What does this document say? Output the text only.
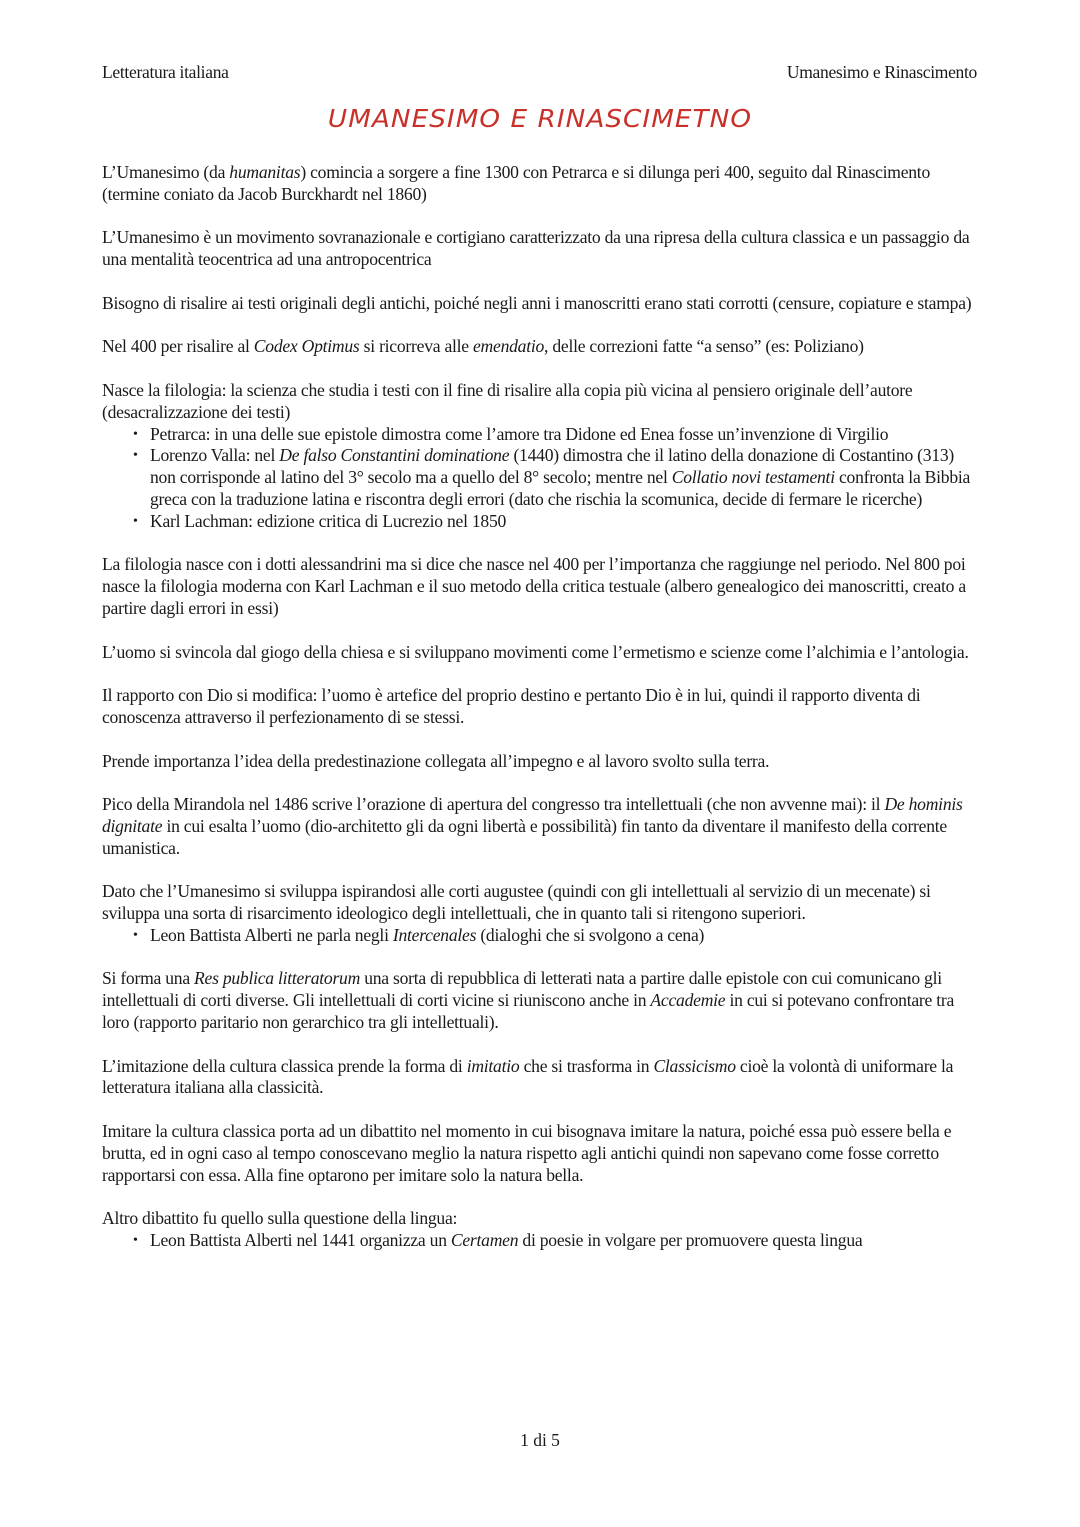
Letteratura italiana	Umanesimo e Rinascimento
UMANESIMO E RINASCIMETNO

L’Umanesimo (da humanitas) comincia a sorgere a fine 1300 con Petrarca e si dilunga peri 400, seguito dal Rinascimento (termine coniato da Jacob Burckhardt nel 1860)

L’Umanesimo è un movimento sovranazionale e cortigiano caratterizzato da una ripresa della cultura classica e un passaggio da una mentalità teocentrica ad una antropocentrica

Bisogno di risalire ai testi originali degli antichi, poiché negli anni i manoscritti erano stati corrotti (censure, copiature e stampa)

Nel 400 per risalire al Codex Optimus si ricorreva alle emendatio, delle correzioni fatte “a senso” (es: Poliziano)

Nasce la filologia: la scienza che studia i testi con il fine di risalire alla copia più vicina al pensiero originale dell’autore (desacralizzazione dei testi)

• Petrarca: in una delle sue epistole dimostra come l’amore tra Didone ed Enea fosse un’invenzione di Virgilio
• Lorenzo Valla: nel De falso Constantini dominatione (1440) dimostra che il latino della donazione di Costantino (313) non corrisponde al latino del 3° secolo ma a quello del 8° secolo; mentre nel Collatio novi testamenti confronta la Bibbia greca con la traduzione latina e riscontra degli errori (dato che rischia la scomunica, decide di fermare le ricerche)
• Karl Lachman: edizione critica di Lucrezio nel 1850

La filologia nasce con i dotti alessandrini ma si dice che nasce nel 400 per l’importanza che raggiunge nel periodo. Nel 800 poi nasce la filologia moderna con Karl Lachman e il suo metodo della critica testuale (albero genealogico dei manoscritti, creato a partire dagli errori in essi)

L’uomo si svincola dal giogo della chiesa e si sviluppano movimenti come l’ermetismo e scienze come l’alchimia e l’antologia.

Il rapporto con Dio si modifica: l’uomo è artefice del proprio destino e pertanto Dio è in lui, quindi il rapporto diventa di conoscenza attraverso il perfezionamento di se stessi.

Prende importanza l’idea della predestinazione collegata all’impegno e al lavoro svolto sulla terra.

Pico della Mirandola nel 1486 scrive l’orazione di apertura del congresso tra intellettuali (che non avvenne mai): il De hominis dignitate in cui esalta l’uomo (dio-architetto gli da ogni libertà e possibilità) fin tanto da diventare il manifesto della corrente umanistica.

Dato che l’Umanesimo si sviluppa ispirandosi alle corti augustee (quindi con gli intellettuali al servizio di un mecenate) si sviluppa una sorta di risarcimento ideologico degli intellettuali, che in quanto tali si ritengono superiori.

• Leon Battista Alberti ne parla negli Intercenales (dialoghi che si svolgono a cena)

Si forma una Res publica litteratorum una sorta di repubblica di letterati nata a partire dalle epistole con cui comunicano gli intellettuali di corti diverse. Gli intellettuali di corti vicine si riuniscono anche in Accademie in cui si potevano confrontare tra loro (rapporto paritario non gerarchico tra gli intellettuali).

L’imitazione della cultura classica prende la forma di imitatio che si trasforma in Classicismo cioè la volontà di uniformare la letteratura italiana alla classicità.

Imitare la cultura classica porta ad un dibattito nel momento in cui bisognava imitare la natura, poiché essa può essere bella e brutta, ed in ogni caso al tempo conoscevano meglio la natura rispetto agli antichi quindi non sapevano come fosse corretto rapportarsi con essa. Alla fine optarono per imitare solo la natura bella.

Altro dibattito fu quello sulla questione della lingua:

• Leon Battista Alberti nel 1441 organizza un Certamen di poesie in volgare per promuovere questa lingua
1 di 5
